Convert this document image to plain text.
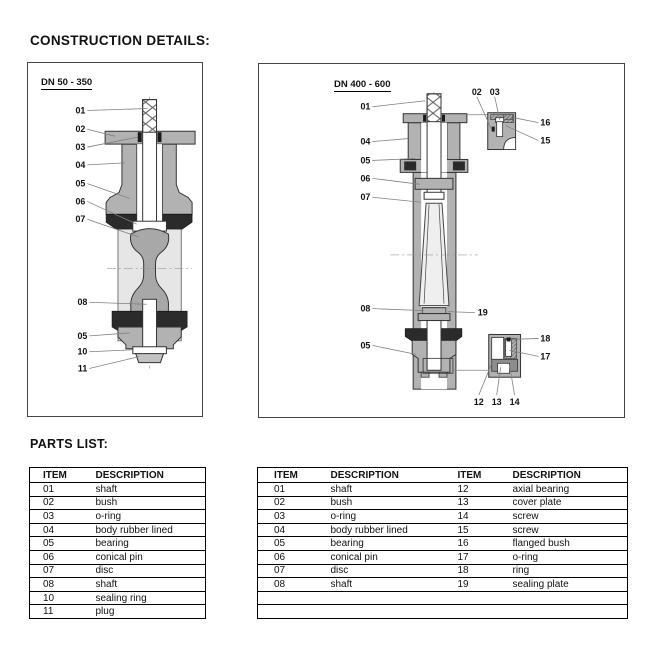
CONSTRUCTION DETAILS:
DN 50 - 350
01
02
03
04
05
06
07
08
05
10
11
DN 400 - 600
01
04
05
06
07
08	19
05
02 03
16
15
18
17
12 13 14
PARTS LIST:
ITEM	DESCRIPTION
01	shaft
02	bush
03	o-ring
04	body rubber lined
05	bearing
06	conical pin
07	disc
08	shaft
10	sealing ring
11	plug
ITEM	DESCRIPTION	ITEM	DESCRIPTION
01	shaft	12	axial bearing
02	bush	13	cover plate
03	o-ring	14	screw
04	body rubber lined	15	screw
05	bearing	16	flanged bush
06	conical pin	17	o-ring
07	disc	18	ring
08	shaft	19	sealing plate
